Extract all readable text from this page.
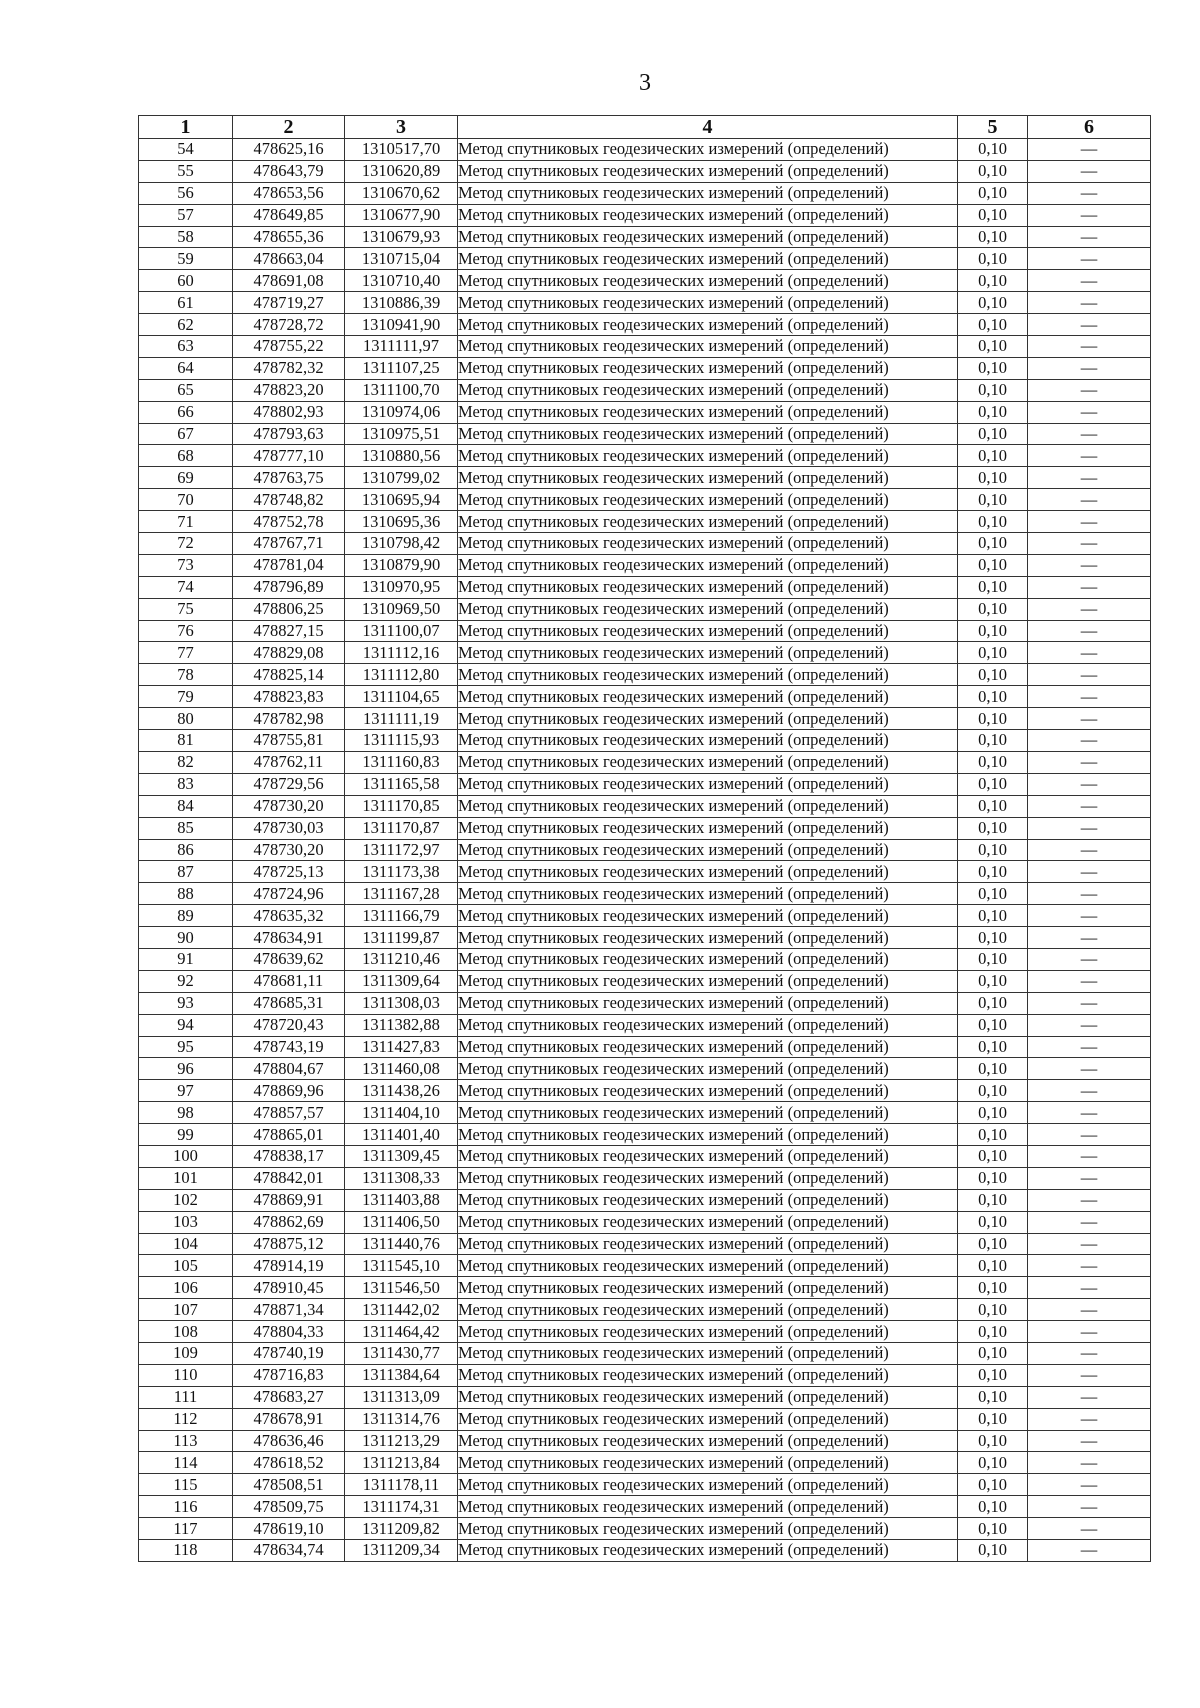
3
1	2	3	4	5	6
54	478625,16	1310517,70	Метод спутниковых геодезических измерений (определений)	0,10	—
55	478643,79	1310620,89	Метод спутниковых геодезических измерений (определений)	0,10	—
56	478653,56	1310670,62	Метод спутниковых геодезических измерений (определений)	0,10	—
57	478649,85	1310677,90	Метод спутниковых геодезических измерений (определений)	0,10	—
58	478655,36	1310679,93	Метод спутниковых геодезических измерений (определений)	0,10	—
59	478663,04	1310715,04	Метод спутниковых геодезических измерений (определений)	0,10	—
60	478691,08	1310710,40	Метод спутниковых геодезических измерений (определений)	0,10	—
61	478719,27	1310886,39	Метод спутниковых геодезических измерений (определений)	0,10	—
62	478728,72	1310941,90	Метод спутниковых геодезических измерений (определений)	0,10	—
63	478755,22	1311111,97	Метод спутниковых геодезических измерений (определений)	0,10	—
64	478782,32	1311107,25	Метод спутниковых геодезических измерений (определений)	0,10	—
65	478823,20	1311100,70	Метод спутниковых геодезических измерений (определений)	0,10	—
66	478802,93	1310974,06	Метод спутниковых геодезических измерений (определений)	0,10	—
67	478793,63	1310975,51	Метод спутниковых геодезических измерений (определений)	0,10	—
68	478777,10	1310880,56	Метод спутниковых геодезических измерений (определений)	0,10	—
69	478763,75	1310799,02	Метод спутниковых геодезических измерений (определений)	0,10	—
70	478748,82	1310695,94	Метод спутниковых геодезических измерений (определений)	0,10	—
71	478752,78	1310695,36	Метод спутниковых геодезических измерений (определений)	0,10	—
72	478767,71	1310798,42	Метод спутниковых геодезических измерений (определений)	0,10	—
73	478781,04	1310879,90	Метод спутниковых геодезических измерений (определений)	0,10	—
74	478796,89	1310970,95	Метод спутниковых геодезических измерений (определений)	0,10	—
75	478806,25	1310969,50	Метод спутниковых геодезических измерений (определений)	0,10	—
76	478827,15	1311100,07	Метод спутниковых геодезических измерений (определений)	0,10	—
77	478829,08	1311112,16	Метод спутниковых геодезических измерений (определений)	0,10	—
78	478825,14	1311112,80	Метод спутниковых геодезических измерений (определений)	0,10	—
79	478823,83	1311104,65	Метод спутниковых геодезических измерений (определений)	0,10	—
80	478782,98	1311111,19	Метод спутниковых геодезических измерений (определений)	0,10	—
81	478755,81	1311115,93	Метод спутниковых геодезических измерений (определений)	0,10	—
82	478762,11	1311160,83	Метод спутниковых геодезических измерений (определений)	0,10	—
83	478729,56	1311165,58	Метод спутниковых геодезических измерений (определений)	0,10	—
84	478730,20	1311170,85	Метод спутниковых геодезических измерений (определений)	0,10	—
85	478730,03	1311170,87	Метод спутниковых геодезических измерений (определений)	0,10	—
86	478730,20	1311172,97	Метод спутниковых геодезических измерений (определений)	0,10	—
87	478725,13	1311173,38	Метод спутниковых геодезических измерений (определений)	0,10	—
88	478724,96	1311167,28	Метод спутниковых геодезических измерений (определений)	0,10	—
89	478635,32	1311166,79	Метод спутниковых геодезических измерений (определений)	0,10	—
90	478634,91	1311199,87	Метод спутниковых геодезических измерений (определений)	0,10	—
91	478639,62	1311210,46	Метод спутниковых геодезических измерений (определений)	0,10	—
92	478681,11	1311309,64	Метод спутниковых геодезических измерений (определений)	0,10	—
93	478685,31	1311308,03	Метод спутниковых геодезических измерений (определений)	0,10	—
94	478720,43	1311382,88	Метод спутниковых геодезических измерений (определений)	0,10	—
95	478743,19	1311427,83	Метод спутниковых геодезических измерений (определений)	0,10	—
96	478804,67	1311460,08	Метод спутниковых геодезических измерений (определений)	0,10	—
97	478869,96	1311438,26	Метод спутниковых геодезических измерений (определений)	0,10	—
98	478857,57	1311404,10	Метод спутниковых геодезических измерений (определений)	0,10	—
99	478865,01	1311401,40	Метод спутниковых геодезических измерений (определений)	0,10	—
100	478838,17	1311309,45	Метод спутниковых геодезических измерений (определений)	0,10	—
101	478842,01	1311308,33	Метод спутниковых геодезических измерений (определений)	0,10	—
102	478869,91	1311403,88	Метод спутниковых геодезических измерений (определений)	0,10	—
103	478862,69	1311406,50	Метод спутниковых геодезических измерений (определений)	0,10	—
104	478875,12	1311440,76	Метод спутниковых геодезических измерений (определений)	0,10	—
105	478914,19	1311545,10	Метод спутниковых геодезических измерений (определений)	0,10	—
106	478910,45	1311546,50	Метод спутниковых геодезических измерений (определений)	0,10	—
107	478871,34	1311442,02	Метод спутниковых геодезических измерений (определений)	0,10	—
108	478804,33	1311464,42	Метод спутниковых геодезических измерений (определений)	0,10	—
109	478740,19	1311430,77	Метод спутниковых геодезических измерений (определений)	0,10	—
110	478716,83	1311384,64	Метод спутниковых геодезических измерений (определений)	0,10	—
111	478683,27	1311313,09	Метод спутниковых геодезических измерений (определений)	0,10	—
112	478678,91	1311314,76	Метод спутниковых геодезических измерений (определений)	0,10	—
113	478636,46	1311213,29	Метод спутниковых геодезических измерений (определений)	0,10	—
114	478618,52	1311213,84	Метод спутниковых геодезических измерений (определений)	0,10	—
115	478508,51	1311178,11	Метод спутниковых геодезических измерений (определений)	0,10	—
116	478509,75	1311174,31	Метод спутниковых геодезических измерений (определений)	0,10	—
117	478619,10	1311209,82	Метод спутниковых геодезических измерений (определений)	0,10	—
118	478634,74	1311209,34	Метод спутниковых геодезических измерений (определений)	0,10	—
